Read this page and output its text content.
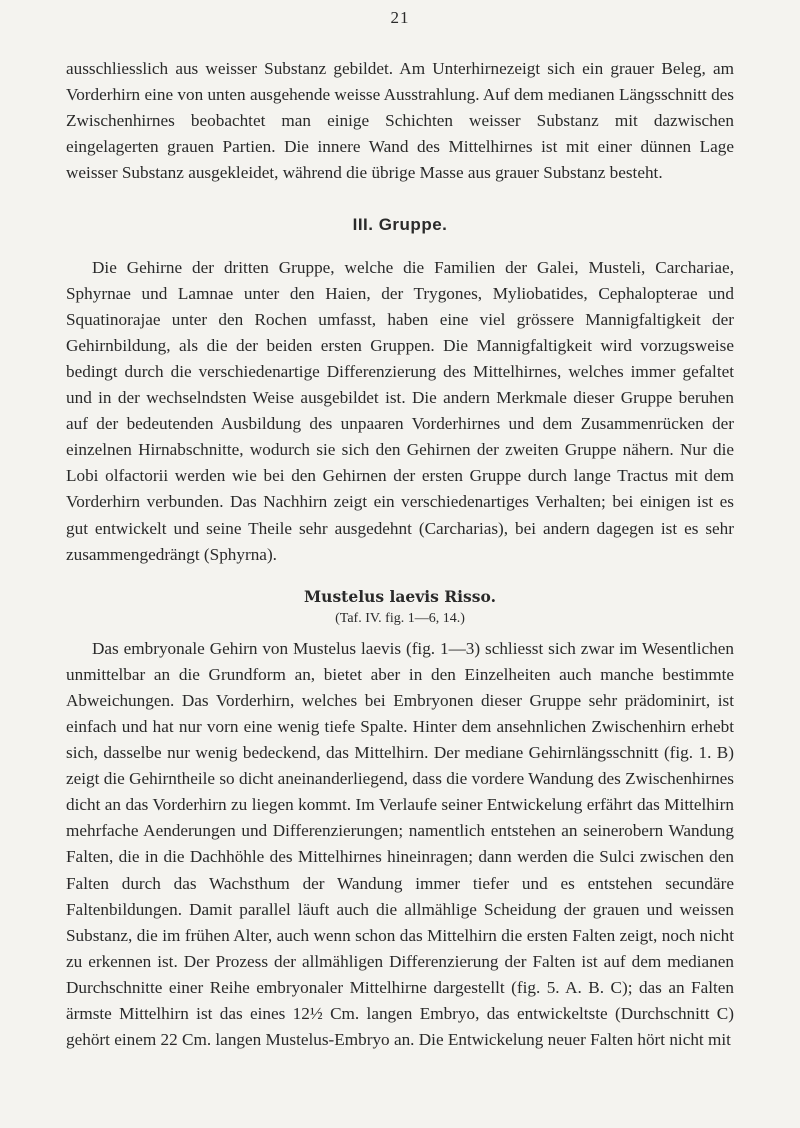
21

ausschliesslich aus weisser Substanz gebildet. Am Unterhirnezeigt sich ein grauer Beleg, am Vorderhirn eine von unten ausgehende weisse Ausstrahlung. Auf dem medianen Längsschnitt des Zwischenhirnes beobachtet man einige Schichten weisser Substanz mit dazwischen eingelagerten grauen Partien. Die innere Wand des Mittelhirnes ist mit einer dünnen Lage weisser Substanz ausgekleidet, während die übrige Masse aus grauer Substanz besteht.

III. Gruppe.

Die Gehirne der dritten Gruppe, welche die Familien der Galei, Musteli, Carchariae, Sphyrnae und Lamnae unter den Haien, der Trygones, Myliobatides, Cephalopterae und Squatinorajae unter den Rochen umfasst, haben eine viel grössere Mannigfaltigkeit der Gehirnbildung, als die der beiden ersten Gruppen. Die Mannigfaltigkeit wird vorzugsweise bedingt durch die verschiedenartige Differenzierung des Mittelhirnes, welches immer gefaltet und in der wechselndsten Weise ausgebildet ist. Die andern Merkmale dieser Gruppe beruhen auf der bedeutenden Ausbildung des unpaaren Vorderhirnes und dem Zusammenrücken der einzelnen Hirnabschnitte, wodurch sie sich den Gehirnen der zweiten Gruppe nähern. Nur die Lobi olfactorii werden wie bei den Gehirnen der ersten Gruppe durch lange Tractus mit dem Vorderhirn verbunden. Das Nachhirn zeigt ein verschiedenartiges Verhalten; bei einigen ist es gut entwickelt und seine Theile sehr ausgedehnt (Carcharias), bei andern dagegen ist es sehr zusammengedrängt (Sphyrna).

Mustelus laevis Risso.
(Taf. IV. fig. 1—6, 14.)

Das embryonale Gehirn von Mustelus laevis (fig. 1—3) schliesst sich zwar im Wesentlichen unmittelbar an die Grundform an, bietet aber in den Einzelheiten auch manche bestimmte Abweichungen. Das Vorderhirn, welches bei Embryonen dieser Gruppe sehr prädominirt, ist einfach und hat nur vorn eine wenig tiefe Spalte. Hinter dem ansehnlichen Zwischenhirn erhebt sich, dasselbe nur wenig bedeckend, das Mittelhirn. Der mediane Gehirnlängsschnitt (fig. 1. B) zeigt die Gehirntheile so dicht aneinanderliegend, dass die vordere Wandung des Zwischenhirnes dicht an das Vorderhirn zu liegen kommt. Im Verlaufe seiner Entwickelung erfährt das Mittelhirn mehrfache Aenderungen und Differenzierungen; namentlich entstehen an seinerobern Wandung Falten, die in die Dachhöhle des Mittelhirnes hineinragen; dann werden die Sulci zwischen den Falten durch das Wachsthum der Wandung immer tiefer und es entstehen secundäre Faltenbildungen. Damit parallel läuft auch die allmählige Scheidung der grauen und weissen Substanz, die im frühen Alter, auch wenn schon das Mittelhirn die ersten Falten zeigt, noch nicht zu erkennen ist. Der Prozess der allmähligen Differenzierung der Falten ist auf dem medianen Durchschnitte einer Reihe embryonaler Mittelhirne dargestellt (fig. 5. A. B. C); das an Falten ärmste Mittelhirn ist das eines 12½ Cm. langen Embryo, das entwickeltste (Durchschnitt C) gehört einem 22 Cm. langen Mustelus-Embryo an. Die Entwickelung neuer Falten hört nicht mit
